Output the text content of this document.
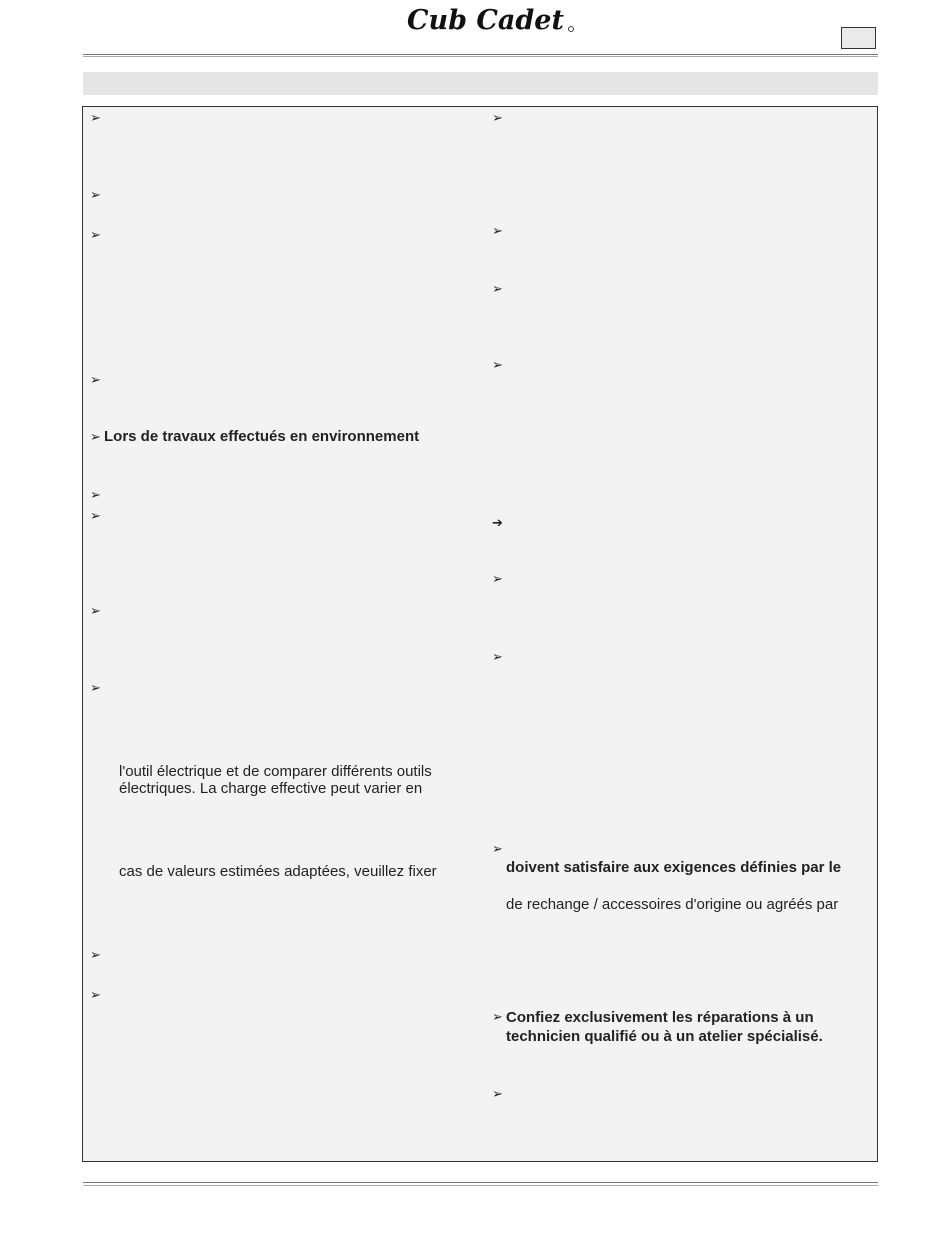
Cub Cadet
➢
➢
➢
➢
➢
➢
➢
➢
➢
➢
➢
Lors de travaux effectués en environnement
l'outil électrique et de comparer différents outils
électriques. La charge effective peut varier en
cas de valeurs estimées adaptées, veuillez fixer
➢
➢
➢
➢
➔
➢
➢
➢
➢
➢
doivent satisfaire aux exigences définies par le
de rechange / accessoires d'origine ou agréés par
Confiez exclusivement les réparations à un
technicien qualifié ou à un atelier spécialisé.
